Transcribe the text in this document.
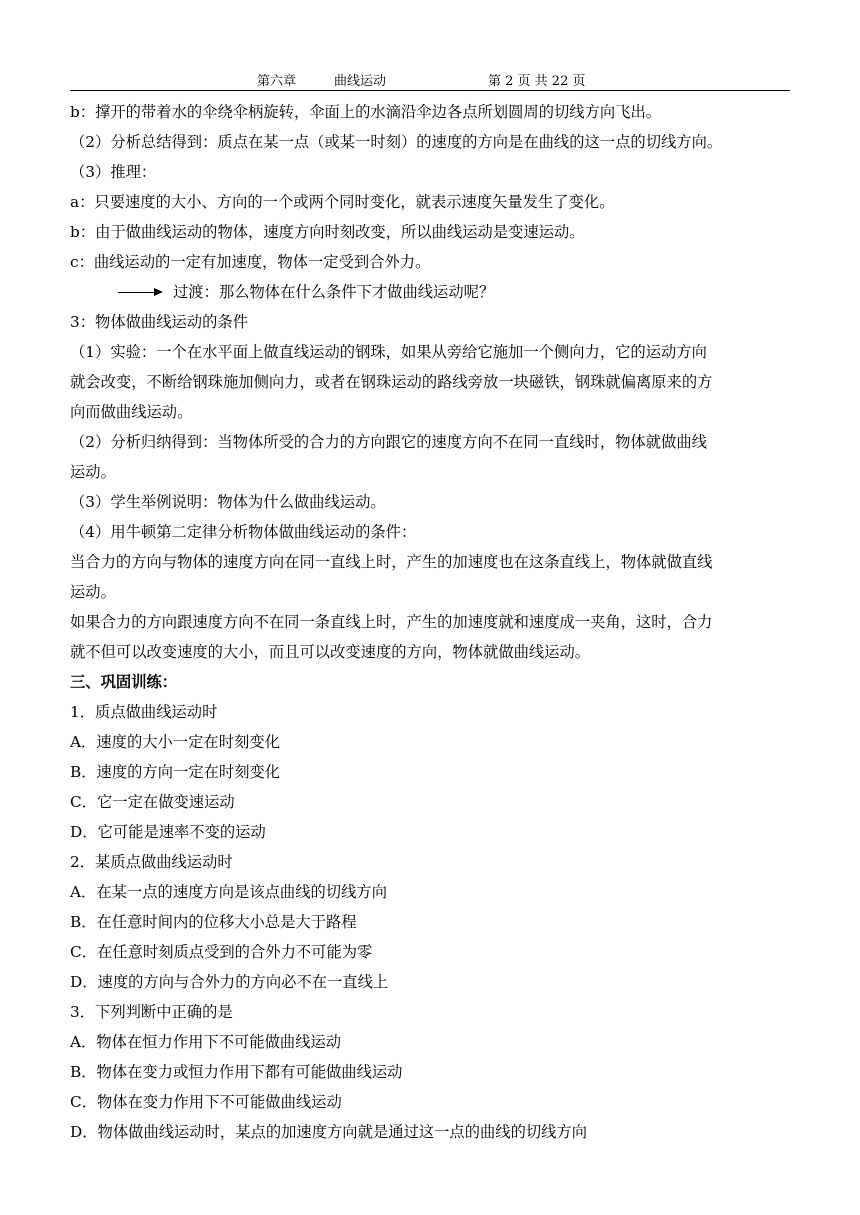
第六章	曲线运动	第 2 页 共 22 页
b：撑开的带着水的伞绕伞柄旋转，伞面上的水滴沿伞边各点所划圆周的切线方向飞出。
（2）分析总结得到：质点在某一点（或某一时刻）的速度的方向是在曲线的这一点的切线方向。
（3）推理：
a：只要速度的大小、方向的一个或两个同时变化，就表示速度矢量发生了变化。
b：由于做曲线运动的物体，速度方向时刻改变，所以曲线运动是变速运动。
c：曲线运动的一定有加速度，物体一定受到合外力。
过渡：那么物体在什么条件下才做曲线运动呢？
3：物体做曲线运动的条件
（1）实验：一个在水平面上做直线运动的钢珠，如果从旁给它施加一个侧向力，它的运动方向
就会改变，不断给钢珠施加侧向力，或者在钢珠运动的路线旁放一块磁铁，钢珠就偏离原来的方
向而做曲线运动。
（2）分析归纳得到：当物体所受的合力的方向跟它的速度方向不在同一直线时，物体就做曲线
运动。
（3）学生举例说明：物体为什么做曲线运动。
（4）用牛顿第二定律分析物体做曲线运动的条件：
当合力的方向与物体的速度方向在同一直线上时，产生的加速度也在这条直线上，物体就做直线
运动。
如果合力的方向跟速度方向不在同一条直线上时，产生的加速度就和速度成一夹角，这时，合力
就不但可以改变速度的大小，而且可以改变速度的方向，物体就做曲线运动。
三、巩固训练：
1．质点做曲线运动时
A．速度的大小一定在时刻变化
B．速度的方向一定在时刻变化
C．它一定在做变速运动
D．它可能是速率不变的运动
2．某质点做曲线运动时
A．在某一点的速度方向是该点曲线的切线方向
B．在任意时间内的位移大小总是大于路程
C．在任意时刻质点受到的合外力不可能为零
D．速度的方向与合外力的方向必不在一直线上
3．下列判断中正确的是
A．物体在恒力作用下不可能做曲线运动
B．物体在变力或恒力作用下都有可能做曲线运动
C．物体在变力作用下不可能做曲线运动
D．物体做曲线运动时，某点的加速度方向就是通过这一点的曲线的切线方向
